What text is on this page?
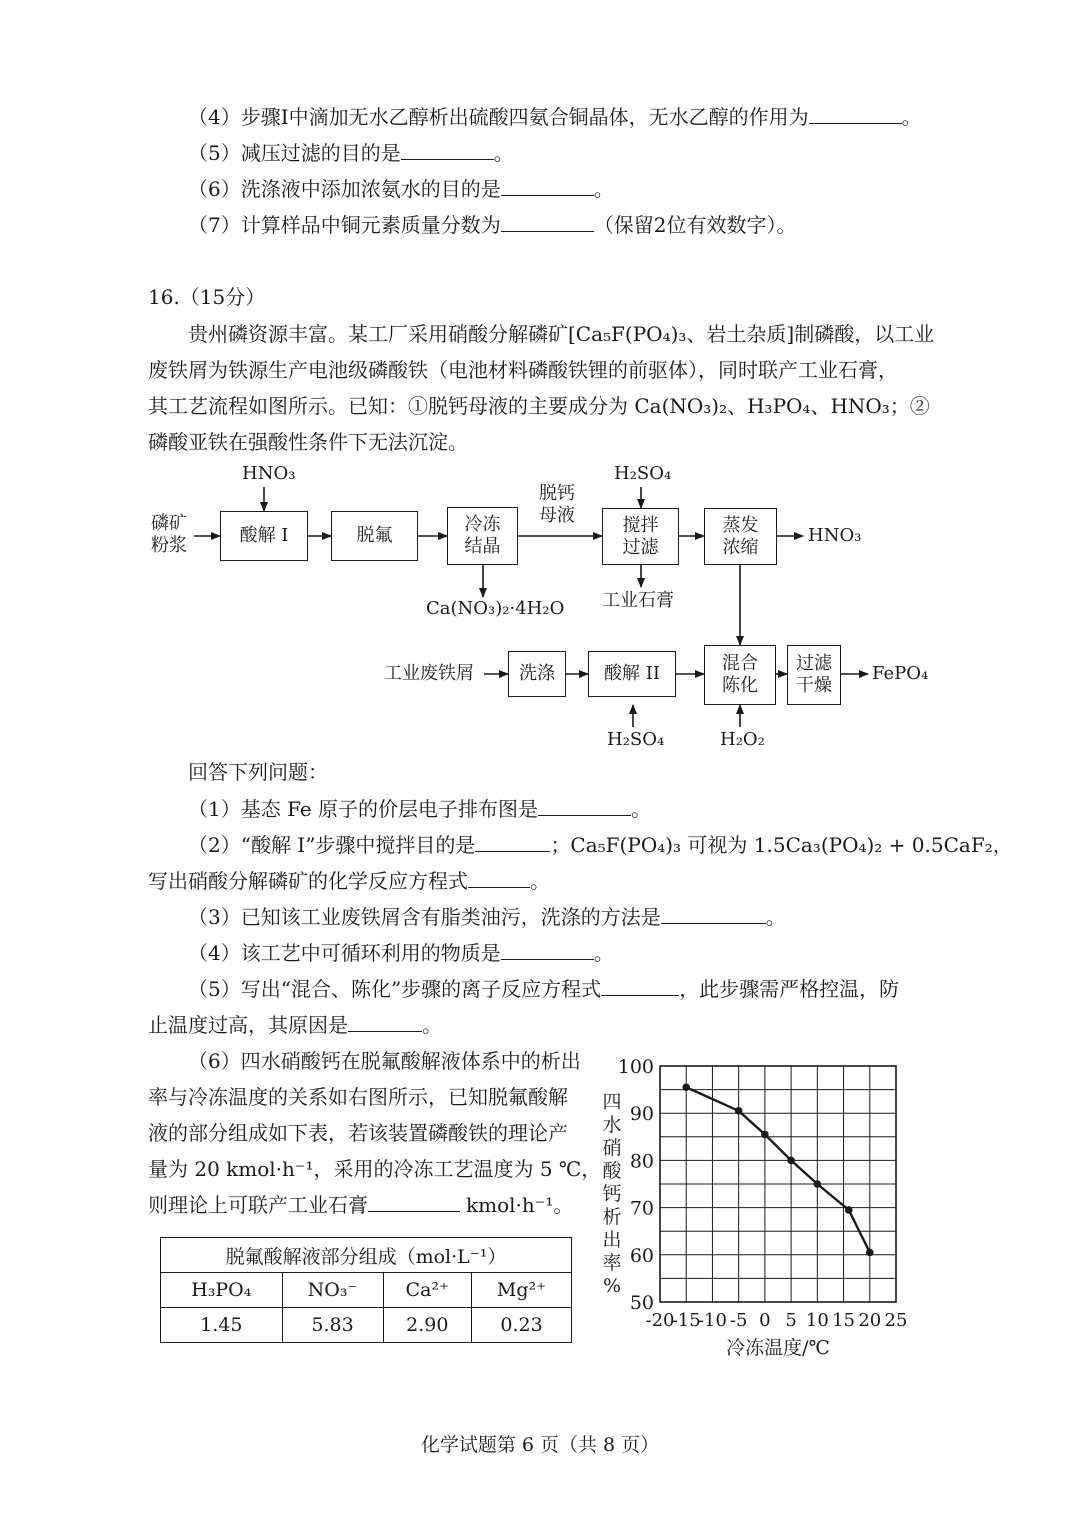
（4）步骤Ⅰ中滴加无水乙醇析出硫酸四氨合铜晶体，无水乙醇的作用为	。
（5）减压过滤的目的是	。
（6）洗涤液中添加浓氨水的目的是	。
（7）计算样品中铜元素质量分数为	（保留2位有效数字）。
16.（15分）
贵州磷资源丰富。某工厂采用硝酸分解磷矿[Ca₅F(PO₄)₃、岩土杂质]制磷酸，以工业
废铁屑为铁源生产电池级磷酸铁（电池材料磷酸铁锂的前驱体），同时联产工业石膏，
其工艺流程如图所示。已知：①脱钙母液的主要成分为 Ca(NO₃)₂、H₃PO₄、HNO₃；②
磷酸亚铁在强酸性条件下无法沉淀。
磷矿
粉浆
HNO₃
酸解 I	脱氟
冷冻
结晶
脱钙
母液
H₂SO₄
搅拌
过滤
蒸发
浓缩
HNO₃
Ca(NO₃)₂·4H₂O 工业石膏
工业废铁屑	洗涤	酸解 II	混合
陈化
过滤
干燥
FePO₄
H₂SO₄	H₂O₂
回答下列问题：
（1）基态 Fe 原子的价层电子排布图是	。
（2）“酸解 I”步骤中搅拌目的是	；Ca₅F(PO₄)₃ 可视为 1.5Ca₃(PO₄)₂ + 0.5CaF₂，
写出硝酸分解磷矿的化学反应方程式	。
（3）已知该工业废铁屑含有脂类油污，洗涤的方法是	。
（4）该工艺中可循环利用的物质是	。
（5）写出“混合、陈化”步骤的离子反应方程式	，此步骤需严格控温，防
止温度过高，其原因是	。
（6）四水硝酸钙在脱氟酸解液体系中的析出
率与冷冻温度的关系如右图所示，已知脱氟酸解
液的部分组成如下表，若该装置磷酸铁的理论产
量为 20 kmol·h⁻¹，采用的冷冻工艺温度为 5 ℃，
则理论上可联产工业石膏	kmol·h⁻¹。
脱氟酸解液部分组成（mol·L⁻¹）			
H₃PO₄	NO₃⁻	Ca²⁺	Mg²⁺
1.45	5.83	2.90	0.23
50
60
70
80
90
100
-20
-15
-10 -5 0 5 10 15 20 25
冷冻温度/℃
四
水
硝
酸
钙
析
出
率
%
化学试题第 6 页（共 8 页）
